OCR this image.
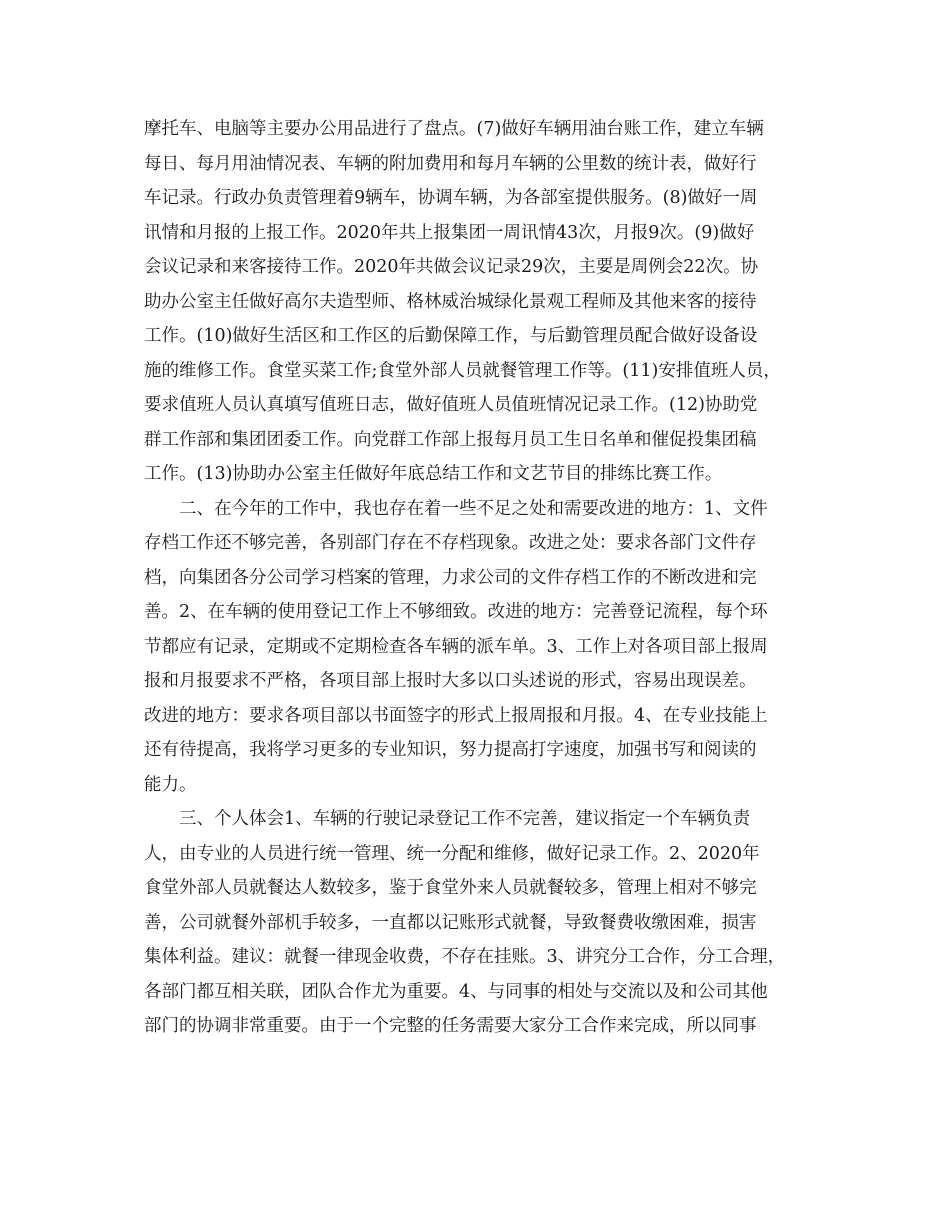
摩托车、电脑等主要办公用品进行了盘点。(7)做好车辆用油台账工作，建立车辆
每日、每月用油情况表、车辆的附加费用和每月车辆的公里数的统计表，做好行
车记录。行政办负责管理着9辆车，协调车辆，为各部室提供服务。(8)做好一周
讯情和月报的上报工作。2020年共上报集团一周讯情43次，月报9次。(9)做好
会议记录和来客接待工作。2020年共做会议记录29次，主要是周例会22次。协
助办公室主任做好高尔夫造型师、格林威治城绿化景观工程师及其他来客的接待
工作。(10)做好生活区和工作区的后勤保障工作，与后勤管理员配合做好设备设
施的维修工作。食堂买菜工作;食堂外部人员就餐管理工作等。(11)安排值班人员，
要求值班人员认真填写值班日志，做好值班人员值班情况记录工作。(12)协助党
群工作部和集团团委工作。向党群工作部上报每月员工生日名单和催促投集团稿
工作。(13)协助办公室主任做好年底总结工作和文艺节目的排练比赛工作。
二、在今年的工作中，我也存在着一些不足之处和需要改进的地方：1、文件
存档工作还不够完善，各别部门存在不存档现象。改进之处：要求各部门文件存
档，向集团各分公司学习档案的管理，力求公司的文件存档工作的不断改进和完
善。2、在车辆的使用登记工作上不够细致。改进的地方：完善登记流程，每个环
节都应有记录，定期或不定期检查各车辆的派车单。3、工作上对各项目部上报周
报和月报要求不严格，各项目部上报时大多以口头述说的形式，容易出现误差。
改进的地方：要求各项目部以书面签字的形式上报周报和月报。4、在专业技能上
还有待提高，我将学习更多的专业知识，努力提高打字速度，加强书写和阅读的
能力。
三、个人体会1、车辆的行驶记录登记工作不完善，建议指定一个车辆负责
人，由专业的人员进行统一管理、统一分配和维修，做好记录工作。2、2020年
食堂外部人员就餐达人数较多，鉴于食堂外来人员就餐较多，管理上相对不够完
善，公司就餐外部机手较多，一直都以记账形式就餐，导致餐费收缴困难，损害
集体利益。建议：就餐一律现金收费，不存在挂账。3、讲究分工合作，分工合理，
各部门都互相关联，团队合作尤为重要。4、与同事的相处与交流以及和公司其他
部门的协调非常重要。由于一个完整的任务需要大家分工合作来完成，所以同事
